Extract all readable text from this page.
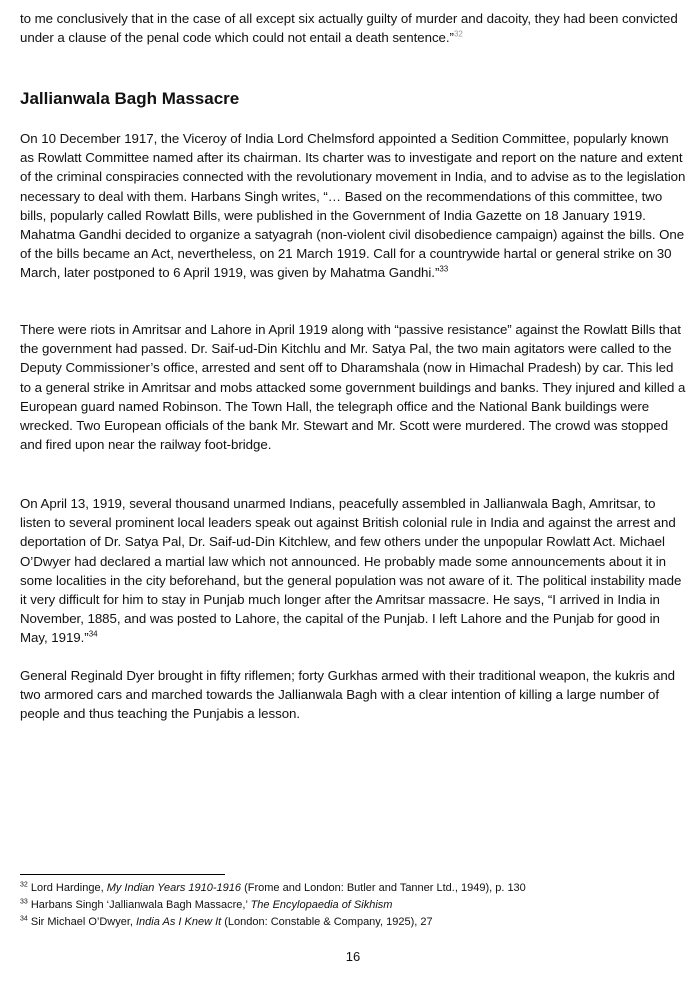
to me conclusively that in the case of all except six actually guilty of murder and dacoity, they had been convicted under a clause of the penal code which could not entail a death sentence.”$^{32}$

Jallianwala Bagh Massacre

On 10 December 1917, the Viceroy of India Lord Chelmsford appointed a Sedition Committee, popularly known as Rowlatt Committee named after its chairman. Its charter was to investigate and report on the nature and extent of the criminal conspiracies connected with the revolutionary movement in India, and to advise as to the legislation necessary to deal with them. Harbans Singh writes, “… Based on the recommendations of this committee, two bills, popularly called Rowlatt Bills, were published in the Government of India Gazette on 18 January 1919. Mahatma Gandhi decided to organize a satyagrah (non-violent civil disobedience campaign) against the bills. One of the bills became an Act, nevertheless, on 21 March 1919. Call for a countrywide hartal or general strike on 30 March, later postponed to 6 April 1919, was given by Mahatma Gandhi.”$^{33}$

There were riots in Amritsar and Lahore in April 1919 along with “passive resistance” against the Rowlatt Bills that the government had passed. Dr. Saif-ud-Din Kitchlu and Mr. Satya Pal, the two main agitators were called to the Deputy Commissioner’s office, arrested and sent off to Dharamshala (now in Himachal Pradesh) by car. This led to a general strike in Amritsar and mobs attacked some government buildings and banks. They injured and killed a European guard named Robinson. The Town Hall, the telegraph office and the National Bank buildings were wrecked. Two European officials of the bank Mr. Stewart and Mr. Scott were murdered. The crowd was stopped and fired upon near the railway foot-bridge.

On April 13, 1919, several thousand unarmed Indians, peacefully assembled in Jallianwala Bagh, Amritsar, to listen to several prominent local leaders speak out against British colonial rule in India and against the arrest and deportation of Dr. Satya Pal, Dr. Saif-ud-Din Kitchlew, and few others under the unpopular Rowlatt Act. Michael O’Dwyer had declared a martial law which not announced. He probably made some announcements about it in some localities in the city beforehand, but the general population was not aware of it. The political instability made it very difficult for him to stay in Punjab much longer after the Amritsar massacre. He says, “I arrived in India in November, 1885, and was posted to Lahore, the capital of the Punjab. I left Lahore and the Punjab for good in May, 1919.”$^{34}$

General Reginald Dyer brought in fifty riflemen; forty Gurkhas armed with their traditional weapon, the kukris and two armored cars and marched towards the Jallianwala Bagh with a clear intention of killing a large number of people and thus teaching the Punjabis a lesson.

$^{32}$ Lord Hardinge, My Indian Years 1910-1916 (Frome and London: Butler and Tanner Ltd., 1949), p. 130

$^{33}$ Harbans Singh ‘Jallianwala Bagh Massacre,’ The Encylopaedia of Sikhism

$^{34}$ Sir Michael O’Dwyer, India As I Knew It (London: Constable & Company, 1925), 27

16
